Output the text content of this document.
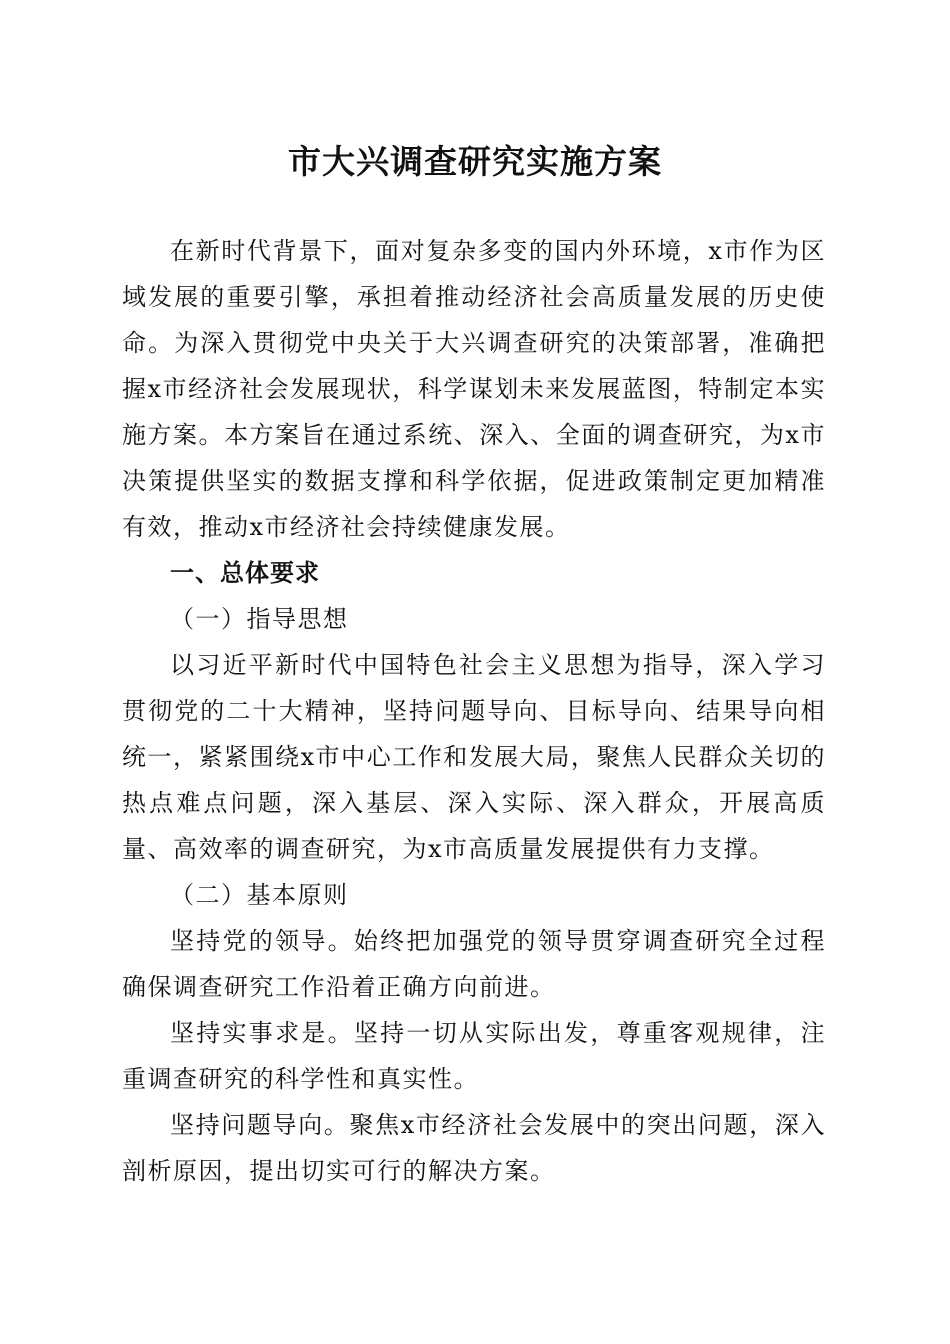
市大兴调查研究实施方案

在新时代背景下，面对复杂多变的国内外环境，x市作为区域发展的重要引擎，承担着推动经济社会高质量发展的历史使命。为深入贯彻党中央关于大兴调查研究的决策部署，准确把握x市经济社会发展现状，科学谋划未来发展蓝图，特制定本实施方案。本方案旨在通过系统、深入、全面的调查研究，为x市决策提供坚实的数据支撑和科学依据，促进政策制定更加精准有效，推动x市经济社会持续健康发展。

一、总体要求

（一）指导思想

以习近平新时代中国特色社会主义思想为指导，深入学习贯彻党的二十大精神，坚持问题导向、目标导向、结果导向相统一，紧紧围绕x市中心工作和发展大局，聚焦人民群众关切的热点难点问题，深入基层、深入实际、深入群众，开展高质量、高效率的调查研究，为x市高质量发展提供有力支撑。

（二）基本原则

坚持党的领导。始终把加强党的领导贯穿调查研究全过程确保调查研究工作沿着正确方向前进。

坚持实事求是。坚持一切从实际出发，尊重客观规律，注重调查研究的科学性和真实性。

坚持问题导向。聚焦x市经济社会发展中的突出问题，深入剖析原因，提出切实可行的解决方案。
